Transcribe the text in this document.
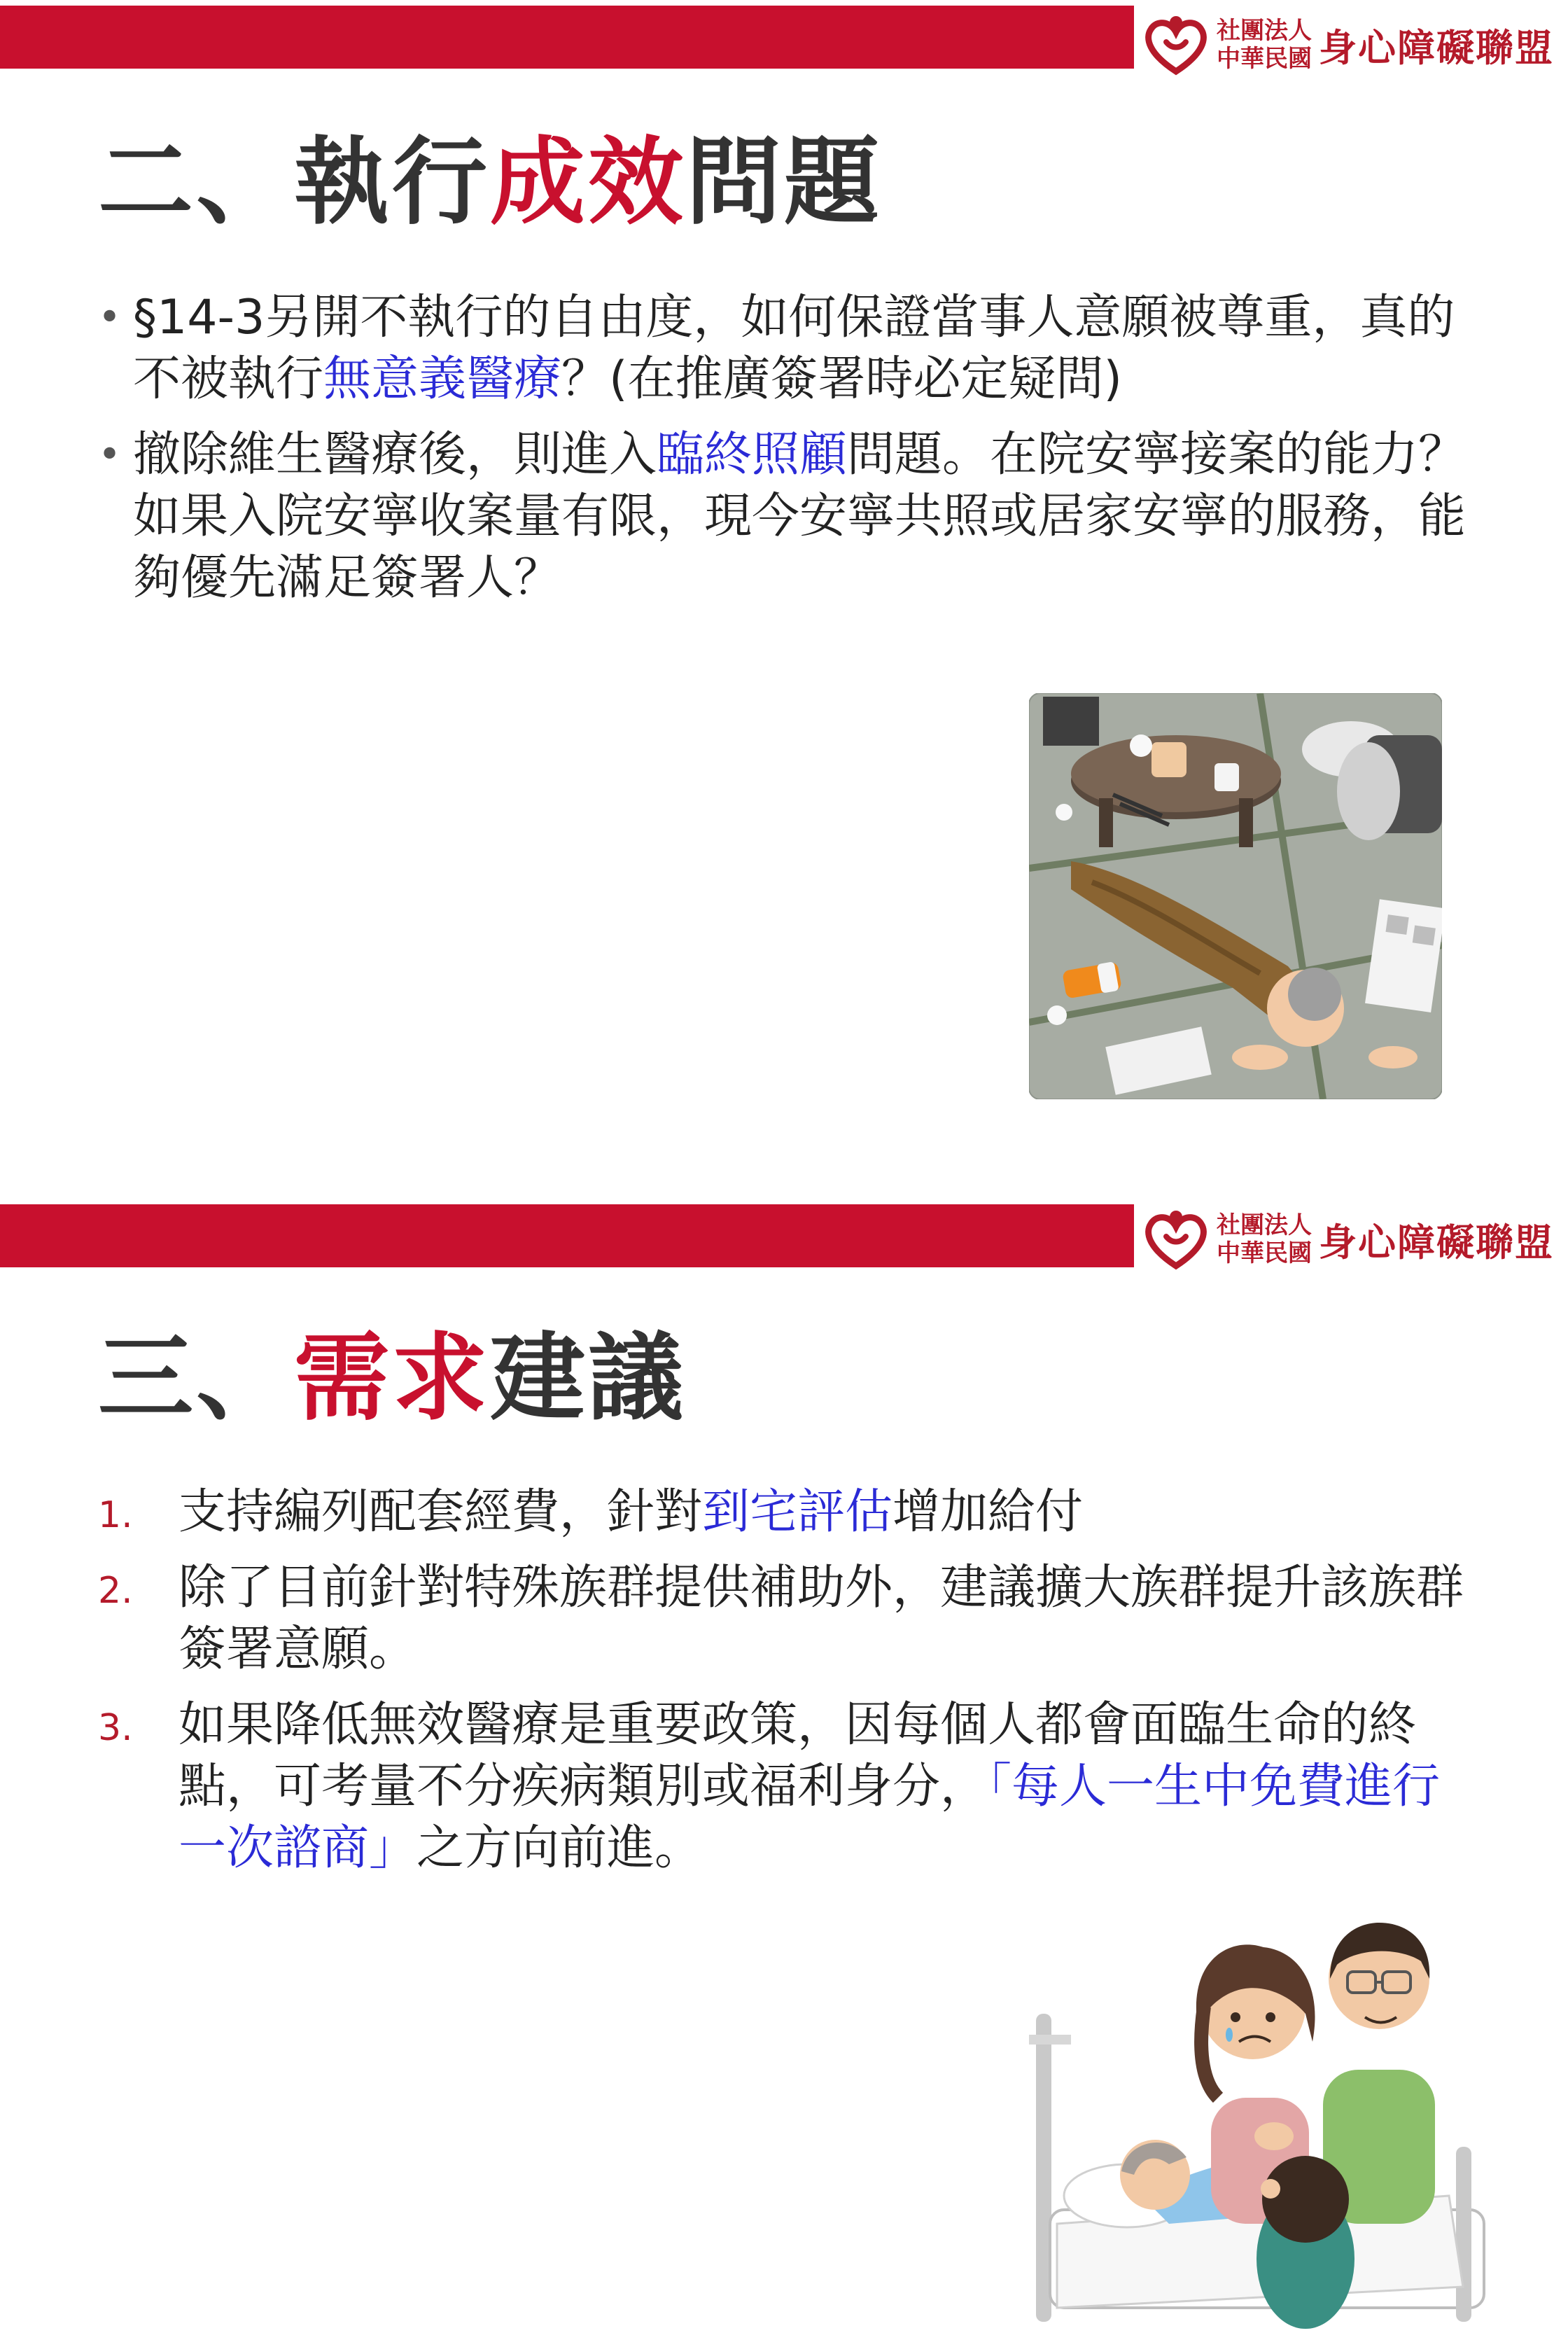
社團法人
中華民國 身心障礙聯盟
二、執行成效問題
• §14-3另開不執行的自由度，如何保證當事人意願被尊重，真的不被執行無意義醫療？(在推廣簽署時必定疑問)
• 撤除維生醫療後，則進入臨終照顧問題。在院安寧接案的能力？如果入院安寧收案量有限，現今安寧共照或居家安寧的服務，能夠優先滿足簽署人？
社團法人
中華民國 身心障礙聯盟
三、需求建議
1. 支持編列配套經費，針對到宅評估增加給付
2. 除了目前針對特殊族群提供補助外，建議擴大族群提升該族群簽署意願。
3. 如果降低無效醫療是重要政策，因每個人都會面臨生命的終點，可考量不分疾病類別或福利身分，「每人一生中免費進行一次諮商」之方向前進。
